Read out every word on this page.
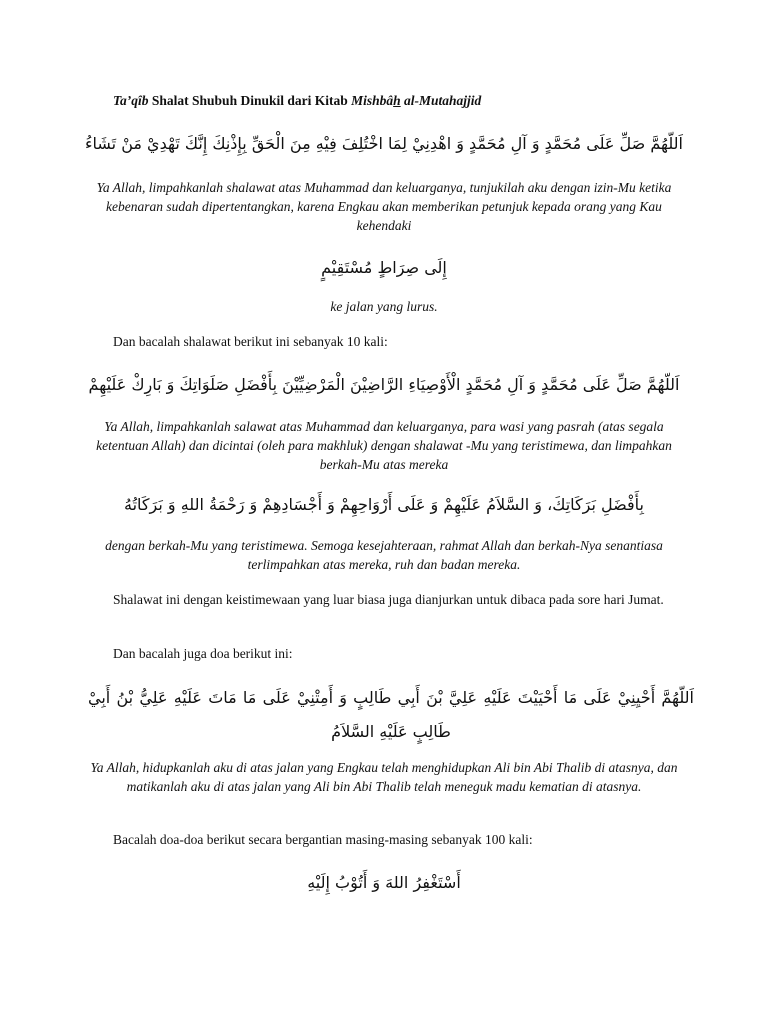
Ta’qîb Shalat Shubuh Dinukil dari Kitab Mishbâh al-Mutahajjid
اَللّهُمَّ صَلِّ عَلَى مُحَمَّدٍ وَ آلِ مُحَمَّدٍ وَ اهْدِنِيْ لِمَا اخْتُلِفَ فِيْهِ مِنَ الْحَقِّ بِإِذْنِكَ إِنَّكَ تَهْدِيْ مَنْ تَشَاءُ
Ya Allah, limpahkanlah shalawat atas Muhammad dan keluarganya, tunjukilah aku dengan izin-Mu ketika kebenaran sudah dipertentangkan, karena Engkau akan memberikan petunjuk kepada orang yang Kau kehendaki
إِلَى صِرَاطٍ مُسْتَقِيْمٍ
ke jalan yang lurus.
Dan bacalah shalawat berikut ini sebanyak 10 kali:
اَللّهُمَّ صَلِّ عَلَى مُحَمَّدٍ وَ آلِ مُحَمَّدٍ الْأَوْصِيَاءِ الرَّاضِيْنَ الْمَرْضِيِّيْنَ بِأَفْضَلِ صَلَوَاتِكَ وَ بَارِكْ عَلَيْهِمْ
Ya Allah, limpahkanlah salawat atas Muhammad dan keluarganya, para wasi yang pasrah (atas segala ketentuan Allah) dan dicintai (oleh para makhluk) dengan shalawat -Mu yang teristimewa, dan limpahkan berkah-Mu atas mereka
بِأَفْضَلِ بَرَكَاتِكَ، وَ السَّلاَمُ عَلَيْهِمْ وَ عَلَى أَرْوَاحِهِمْ وَ أَجْسَادِهِمْ وَ رَحْمَةُ اللهِ وَ بَرَكَاتُهُ
dengan berkah-Mu yang teristimewa. Semoga kesejahteraan, rahmat Allah dan berkah-Nya senantiasa terlimpahkan atas mereka, ruh dan badan mereka.
Shalawat ini dengan keistimewaan yang luar biasa juga dianjurkan untuk dibaca pada sore hari Jumat.
Dan bacalah juga doa berikut ini:
اَللّهُمَّ أَحْيِنِيْ عَلَى مَا أَحْيَيْتَ عَلَيْهِ عَلِيَّ بْنَ أَبِي طَالِبٍ وَ أَمِتْنِيْ عَلَى مَا مَاتَ عَلَيْهِ عَلِيُّ بْنُ أَبِيْ طَالِبٍ عَلَيْهِ السَّلاَمُ
Ya Allah, hidupkanlah aku di atas jalan yang Engkau telah menghidupkan Ali bin Abi Thalib di atasnya, dan matikanlah aku di atas jalan yang Ali bin Abi Thalib telah meneguk madu kematian di atasnya.
Bacalah doa-doa berikut secara bergantian masing-masing sebanyak 100 kali:
أَسْتَغْفِرُ اللهَ وَ أَتُوْبُ إِلَيْهِ
